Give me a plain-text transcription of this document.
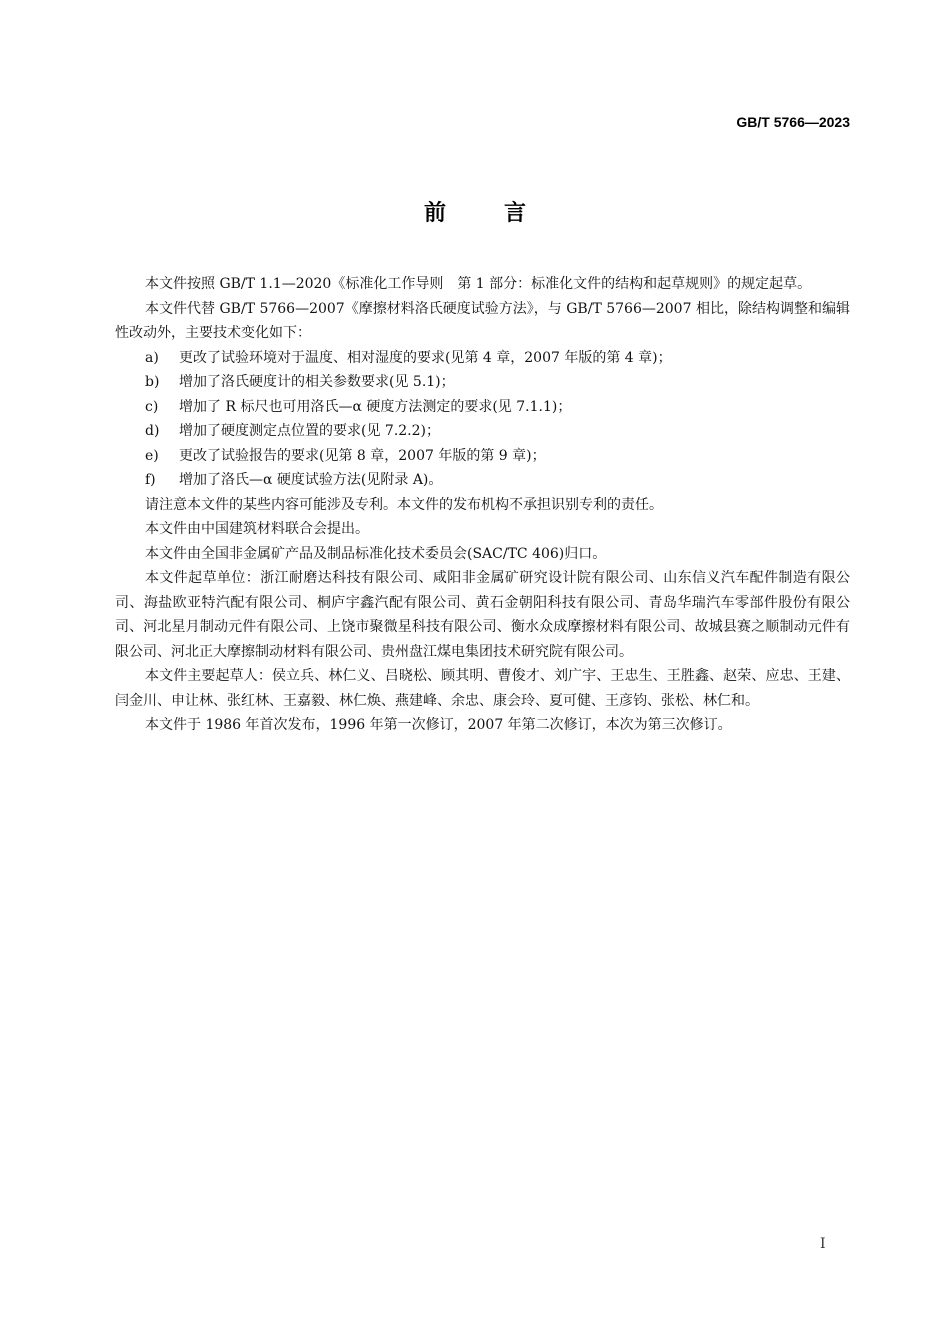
GB/T 5766—2023
前言

本文件按照 GB/T 1.1—2020《标准化工作导则　第 1 部分：标准化文件的结构和起草规则》的规定起草。

本文件代替 GB/T 5766—2007《摩擦材料洛氏硬度试验方法》，与 GB/T 5766—2007 相比，除结构调整和编辑性改动外，主要技术变化如下：

a)	更改了试验环境对于温度、相对湿度的要求(见第 4 章，2007 年版的第 4 章)；

b)	增加了洛氏硬度计的相关参数要求(见 5.1)；

c)	增加了 R 标尺也可用洛氏—α 硬度方法测定的要求(见 7.1.1)；

d)	增加了硬度测定点位置的要求(见 7.2.2)；

e)	更改了试验报告的要求(见第 8 章，2007 年版的第 9 章)；

f)	增加了洛氏—α 硬度试验方法(见附录 A)。

请注意本文件的某些内容可能涉及专利。本文件的发布机构不承担识别专利的责任。

本文件由中国建筑材料联合会提出。

本文件由全国非金属矿产品及制品标准化技术委员会(SAC/TC 406)归口。

本文件起草单位：浙江耐磨达科技有限公司、咸阳非金属矿研究设计院有限公司、山东信义汽车配件制造有限公司、海盐欧亚特汽配有限公司、桐庐宇鑫汽配有限公司、黄石金朝阳科技有限公司、青岛华瑞汽车零部件股份有限公司、河北星月制动元件有限公司、上饶市聚微星科技有限公司、衡水众成摩擦材料有限公司、故城县赛之顺制动元件有限公司、河北正大摩擦制动材料有限公司、贵州盘江煤电集团技术研究院有限公司。

本文件主要起草人：侯立兵、林仁义、吕晓松、顾其明、曹俊才、刘广宇、王忠生、王胜鑫、赵荣、应忠、王建、闫金川、申让林、张红林、王嘉毅、林仁焕、燕建峰、余忠、康会玲、夏可健、王彦钧、张松、林仁和。

本文件于 1986 年首次发布，1996 年第一次修订，2007 年第二次修订，本次为第三次修订。

I
